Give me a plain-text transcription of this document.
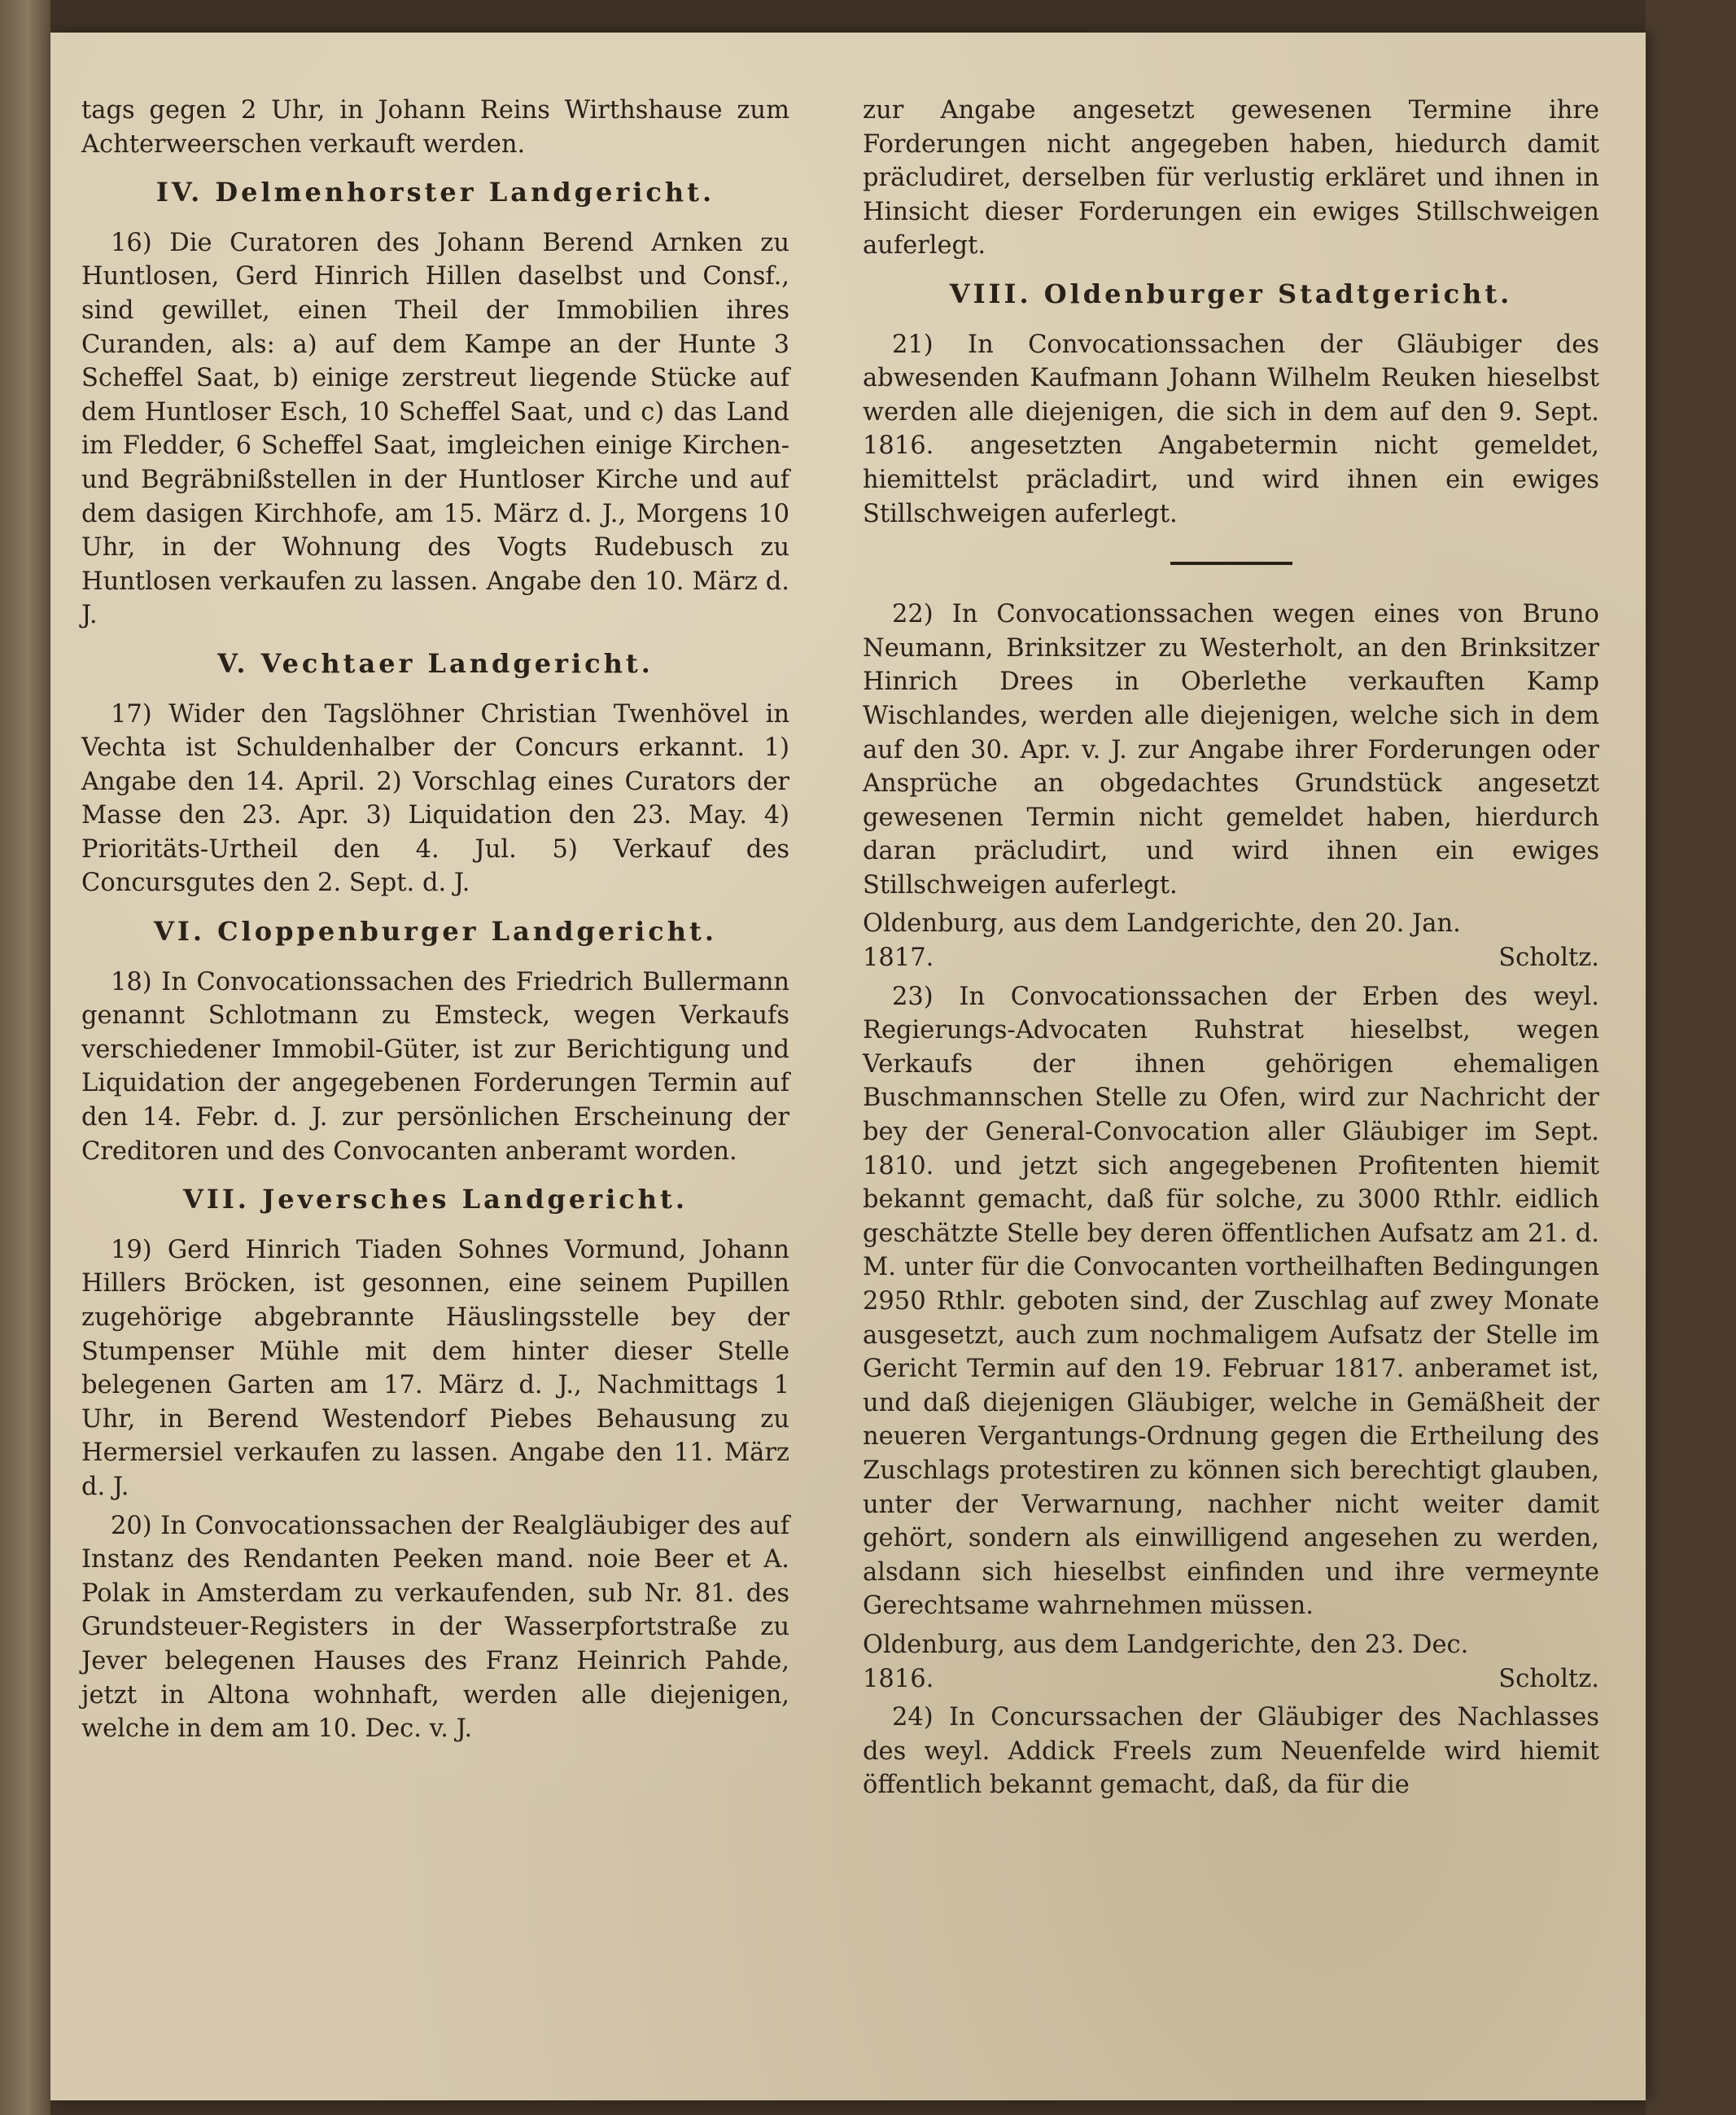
tags gegen 2 Uhr, in Johann Reins Wirthshause zum Achterweerschen verkauft werden.

IV. Delmenhorster Landgericht.

16) Die Curatoren des Johann Berend Arnken zu Huntlosen, Gerd Hinrich Hillen daselbst und Consf., sind gewillet, einen Theil der Immobilien ihres Curanden, als: a) auf dem Kampe an der Hunte 3 Scheffel Saat, b) einige zerstreut liegende Stücke auf dem Huntloser Esch, 10 Scheffel Saat, und c) das Land im Fledder, 6 Scheffel Saat, imgleichen einige Kirchen- und Begräbnißstellen in der Huntloser Kirche und auf dem dasigen Kirchhofe, am 15. März d. J., Morgens 10 Uhr, in der Wohnung des Vogts Rudebusch zu Huntlosen verkaufen zu lassen. Angabe den 10. März d. J.

V. Vechtaer Landgericht.

17) Wider den Tagslöhner Christian Twenhövel in Vechta ist Schuldenhalber der Concurs erkannt. 1) Angabe den 14. April. 2) Vorschlag eines Curators der Masse den 23. Apr. 3) Liquidation den 23. May. 4) Prioritäts-Urtheil den 4. Jul. 5) Verkauf des Concursgutes den 2. Sept. d. J.

VI. Cloppenburger Landgericht.

18) In Convocationssachen des Friedrich Bullermann genannt Schlotmann zu Emsteck, wegen Verkaufs verschiedener Immobil-Güter, ist zur Berichtigung und Liquidation der angegebenen Forderungen Termin auf den 14. Febr. d. J. zur persönlichen Erscheinung der Creditoren und des Convocanten anberamt worden.

VII. Jeversches Landgericht.

19) Gerd Hinrich Tiaden Sohnes Vormund, Johann Hillers Bröcken, ist gesonnen, eine seinem Pupillen zugehörige abgebrannte Häuslingsstelle bey der Stumpenser Mühle mit dem hinter dieser Stelle belegenen Garten am 17. März d. J., Nachmittags 1 Uhr, in Berend Westendorf Piebes Behausung zu Hermersiel verkaufen zu lassen. Angabe den 11. März d. J.

20) In Convocationssachen der Realgläubiger des auf Instanz des Rendanten Peeken mand. noie Beer et A. Polak in Amsterdam zu verkaufenden, sub Nr. 81. des Grundsteuer-Registers in der Wasserpfortstraße zu Jever belegenen Hauses des Franz Heinrich Pahde, jetzt in Altona wohnhaft, werden alle diejenigen, welche in dem am 10. Dec. v. J.

zur Angabe angesetzt gewesenen Termine ihre Forderungen nicht angegeben haben, hiedurch damit präcludiret, derselben für verlustig erkläret und ihnen in Hinsicht dieser Forderungen ein ewiges Stillschweigen auferlegt.

VIII. Oldenburger Stadtgericht.

21) In Convocationssachen der Gläubiger des abwesenden Kaufmann Johann Wilhelm Reuken hieselbst werden alle diejenigen, die sich in dem auf den 9. Sept. 1816. angesetzten Angabetermin nicht gemeldet, hiemittelst präcladirt, und wird ihnen ein ewiges Stillschweigen auferlegt.

22) In Convocationssachen wegen eines von Bruno Neumann, Brinksitzer zu Westerholt, an den Brinksitzer Hinrich Drees in Oberlethe verkauften Kamp Wischlandes, werden alle diejenigen, welche sich in dem auf den 30. Apr. v. J. zur Angabe ihrer Forderungen oder Ansprüche an obgedachtes Grundstück angesetzt gewesenen Termin nicht gemeldet haben, hierdurch daran präcludirt, und wird ihnen ein ewiges Stillschweigen auferlegt.

Oldenburg, aus dem Landgerichte, den 20. Jan. 1817.	Scholtz.

23) In Convocationssachen der Erben des weyl. Regierungs-Advocaten Ruhstrat hieselbst, wegen Verkaufs der ihnen gehörigen ehemaligen Buschmannschen Stelle zu Ofen, wird zur Nachricht der bey der General-Convocation aller Gläubiger im Sept. 1810. und jetzt sich angegebenen Profitenten hiemit bekannt gemacht, daß für solche, zu 3000 Rthlr. eidlich geschätzte Stelle bey deren öffentlichen Aufsatz am 21. d. M. unter für die Convocanten vortheilhaften Bedingungen 2950 Rthlr. geboten sind, der Zuschlag auf zwey Monate ausgesetzt, auch zum nochmaligem Aufsatz der Stelle im Gericht Termin auf den 19. Februar 1817. anberamet ist, und daß diejenigen Gläubiger, welche in Gemäßheit der neueren Vergantungs-Ordnung gegen die Ertheilung des Zuschlags protestiren zu können sich berechtigt glauben, unter der Verwarnung, nachher nicht weiter damit gehört, sondern als einwilligend angesehen zu werden, alsdann sich hieselbst einfinden und ihre vermeynte Gerechtsame wahrnehmen müssen.

Oldenburg, aus dem Landgerichte, den 23. Dec. 1816.	Scholtz.

24) In Concurssachen der Gläubiger des Nachlasses des weyl. Addick Freels zum Neuenfelde wird hiemit öffentlich bekannt gemacht, daß, da für die
